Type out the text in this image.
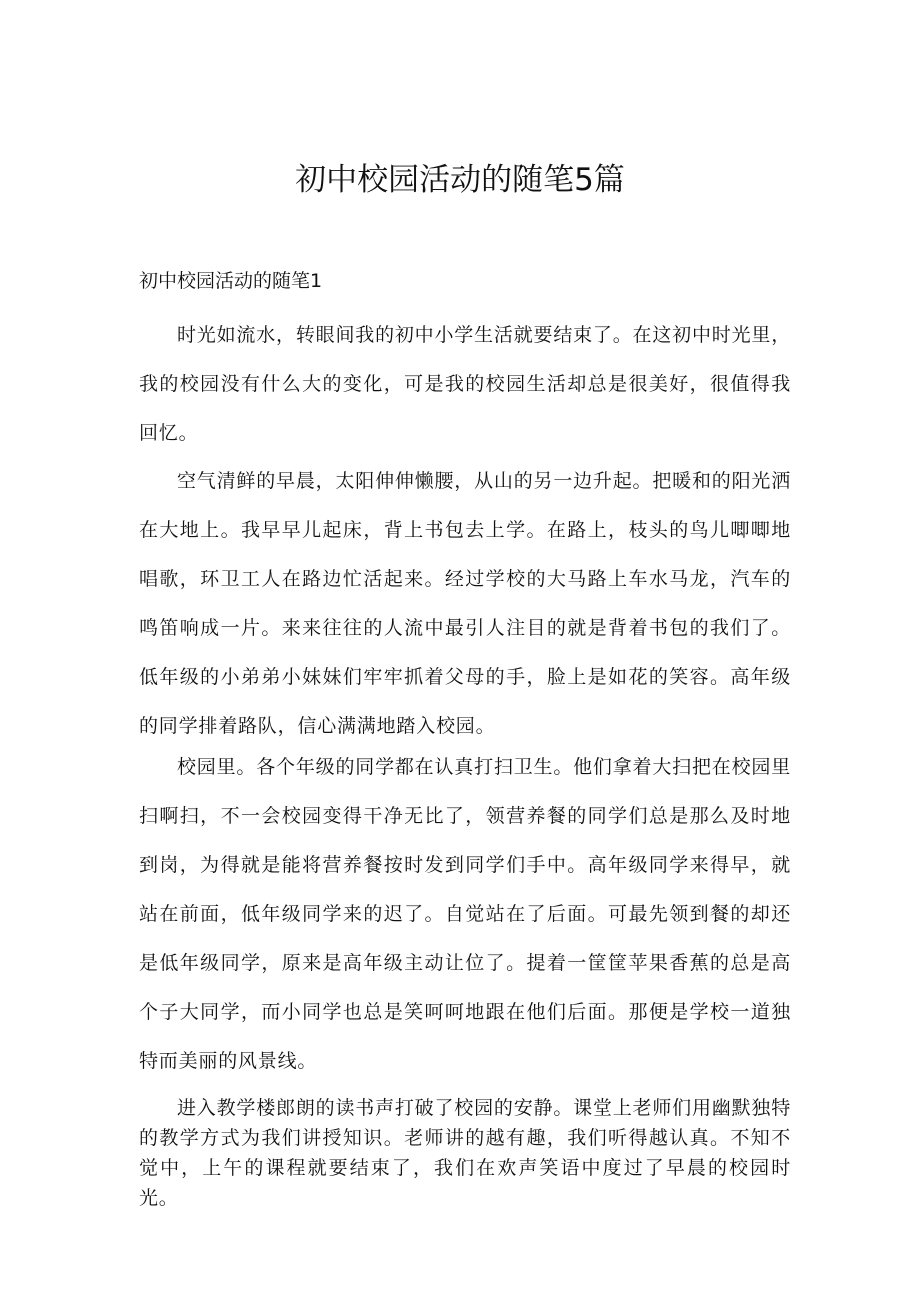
初中校园活动的随笔5篇
初中校园活动的随笔1

时光如流水，转眼间我的初中小学生活就要结束了。在这初中时光里，我的校园没有什么大的变化，可是我的校园生活却总是很美好，很值得我回忆。

空气清鲜的早晨，太阳伸伸懒腰，从山的另一边升起。把暖和的阳光洒在大地上。我早早儿起床，背上书包去上学。在路上，枝头的鸟儿唧唧地唱歌，环卫工人在路边忙活起来。经过学校的大马路上车水马龙，汽车的鸣笛响成一片。来来往往的人流中最引人注目的就是背着书包的我们了。低年级的小弟弟小妹妹们牢牢抓着父母的手，脸上是如花的笑容。高年级的同学排着路队，信心满满地踏入校园。

校园里。各个年级的同学都在认真打扫卫生。他们拿着大扫把在校园里扫啊扫，不一会校园变得干净无比了，领营养餐的同学们总是那么及时地到岗，为得就是能将营养餐按时发到同学们手中。高年级同学来得早，就站在前面，低年级同学来的迟了。自觉站在了后面。可最先领到餐的却还是低年级同学，原来是高年级主动让位了。提着一筐筐苹果香蕉的总是高个子大同学，而小同学也总是笑呵呵地跟在他们后面。那便是学校一道独特而美丽的风景线。

进入教学楼郎朗的读书声打破了校园的安静。课堂上老师们用幽默独特的教学方式为我们讲授知识。老师讲的越有趣，我们听得越认真。不知不觉中，上午的课程就要结束了，我们在欢声笑语中度过了早晨的校园时光。
